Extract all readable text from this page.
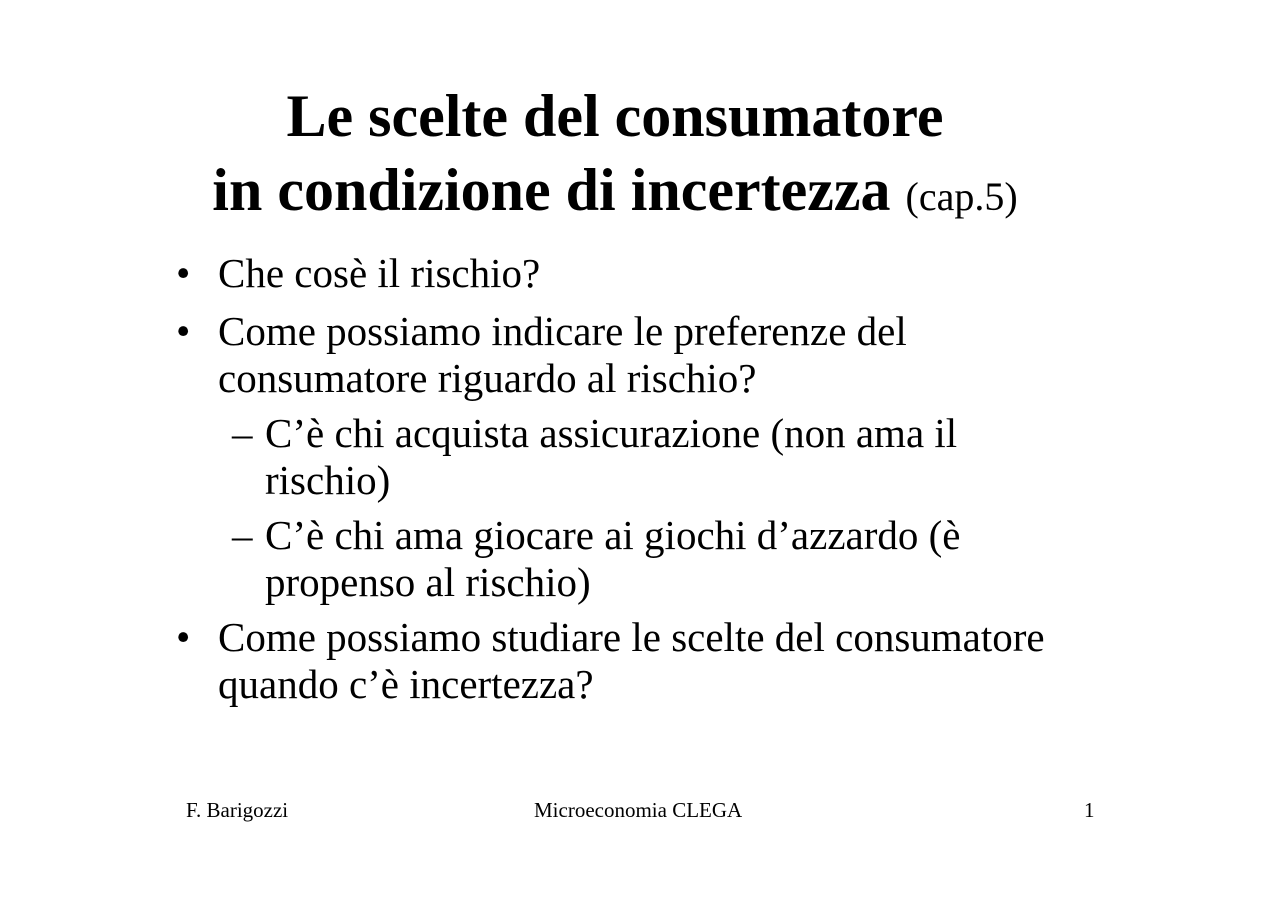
Le scelte del consumatore
in condizione di incertezza (cap.5)
• Che cosè il rischio?
• Come possiamo indicare le preferenze del
consumatore riguardo al rischio?
– C’è chi acquista assicurazione (non ama il
rischio)
– C’è chi ama giocare ai giochi d’azzardo (è
propenso al rischio)
• Come possiamo studiare le scelte del consumatore
quando c’è incertezza?
F. Barigozzi	Microeconomia CLEGA	1
